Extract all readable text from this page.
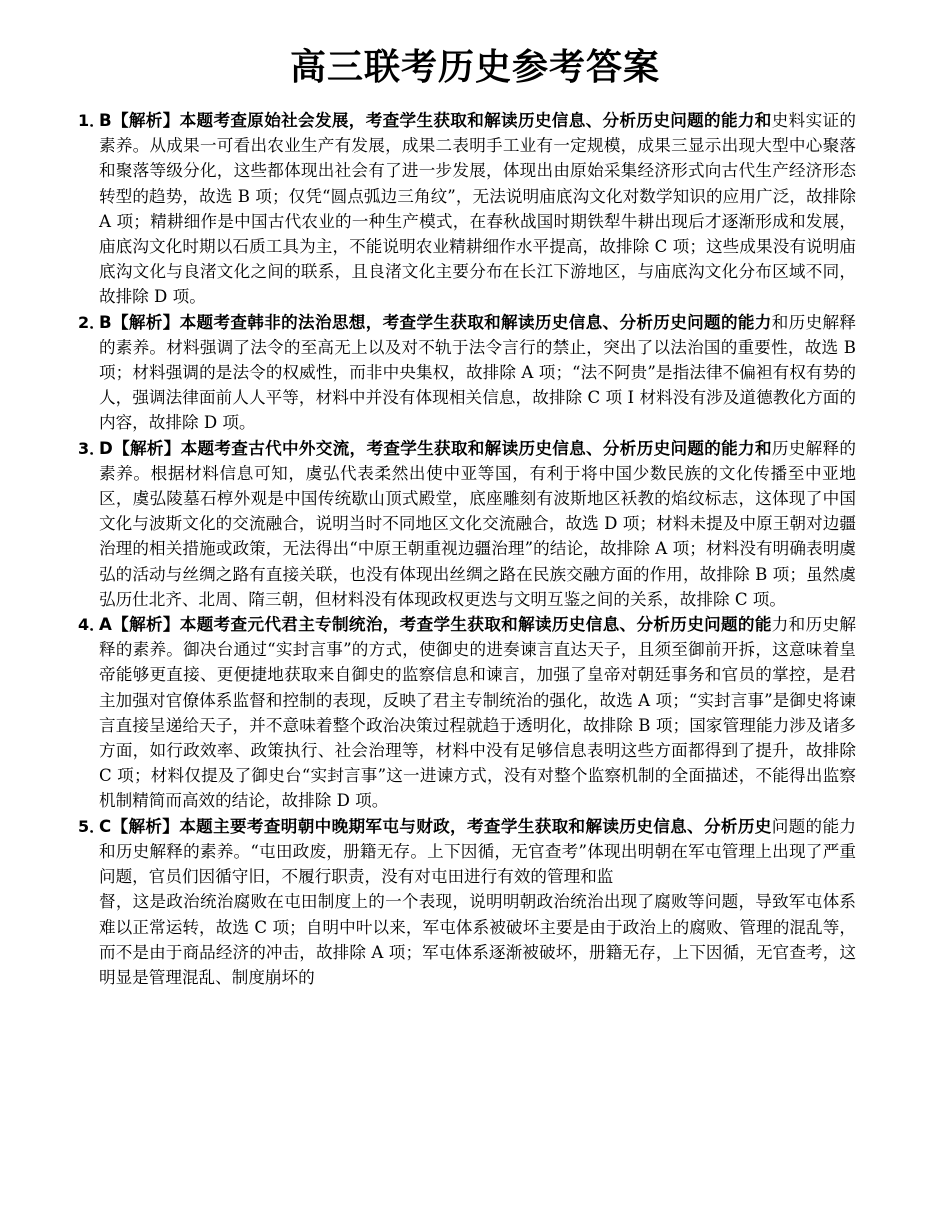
高三联考历史参考答案

1．
B【解析】本题考查原始社会发展，考查学生获取和解读历史信息、分析历史问题的能力和史料实证的素养。从成果一可看出农业生产有发展，成果二表明手工业有一定规模，成果三显示出现大型中心聚落和聚落等级分化，这些都体现出社会有了进一步发展，体现出由原始采集经济形式向古代生产经济形态转型的趋势，故选 B 项；仅凭“圆点弧边三角纹”，无法说明庙底沟文化对数学知识的应用广泛，故排除 A 项；精耕细作是中国古代农业的一种生产模式，在春秋战国时期铁犁牛耕出现后才逐渐形成和发展，庙底沟文化时期以石质工具为主，不能说明农业精耕细作水平提高，故排除 C 项；这些成果没有说明庙底沟文化与良渚文化之间的联系，且良渚文化主要分布在长江下游地区，与庙底沟文化分布区域不同，故排除 D 项。

2．
B【解析】本题考查韩非的法治思想，考查学生获取和解读历史信息、分析历史问题的能力和历史解释的素养。材料强调了法令的至高无上以及对不轨于法令言行的禁止，突出了以法治国的重要性，故选 B 项；材料强调的是法令的权威性，而非中央集权，故排除 A 项；“法不阿贵”是指法律不偏袒有权有势的人，强调法律面前人人平等，材料中并没有体现相关信息，故排除 C 项 I 材料没有涉及道德教化方面的内容，故排除 D 项。

3．
D【解析】本题考查古代中外交流，考查学生获取和解读历史信息、分析历史问题的能力和历史解释的素养。根据材料信息可知，虞弘代表柔然出使中亚等国，有利于将中国少数民族的文化传播至中亚地区，虞弘陵墓石椁外观是中国传统歇山顶式殿堂，底座雕刻有波斯地区袄教的焰纹标志，这体现了中国文化与波斯文化的交流融合，说明当时不同地区文化交流融合，故选 D 项；材料未提及中原王朝对边疆治理的相关措施或政策，无法得出“中原王朝重视边疆治理”的结论，故排除 A 项；材料没有明确表明虞弘的活动与丝绸之路有直接关联，也没有体现出丝绸之路在民族交融方面的作用，故排除 B 项；虽然虞弘历仕北齐、北周、隋三朝，但材料没有体现政权更迭与文明互鉴之间的关系，故排除 C 项。

4．
A【解析】本题考查元代君主专制统治，考查学生获取和解读历史信息、分析历史问题的能力和历史解释的素养。御决台通过“实封言事”的方式，使御史的进奏谏言直达天子，且须至御前开拆，这意味着皇帝能够更直接、更便捷地获取来自御史的监察信息和谏言，加强了皇帝对朝廷事务和官员的掌控，是君主加强对官僚体系监督和控制的表现，反映了君主专制统治的强化，故选 A 项；“实封言事”是御史将谏言直接呈递给天子，并不意味着整个政治决策过程就趋于透明化，故排除 B 项；国家管理能力涉及诸多方面，如行政效率、政策执行、社会治理等，材料中没有足够信息表明这些方面都得到了提升，故排除 C 项；材料仅提及了御史台“实封言事”这一进谏方式，没有对整个监察机制的全面描述，不能得出监察机制精简而高效的结论，故排除 D 项。

5．
C【解析】本题主要考查明朝中晚期军屯与财政，考查学生获取和解读历史信息、分析历史问题的能力和历史解释的素养。“屯田政废，册籍无存。上下因循，无官查考”体现出明朝在军屯管理上出现了严重问题，官员们因循守旧，不履行职责，没有对屯田进行有效的管理和监

督，这是政治统治腐败在屯田制度上的一个表现，说明明朝政治统治出现了腐败等问题，导致军屯体系难以正常运转，故选 C 项；自明中叶以来，军屯体系被破坏主要是由于政治上的腐败、管理的混乱等，而不是由于商品经济的冲击，故排除 A 项；军屯体系逐渐被破坏，册籍无存，上下因循，无官查考，这明显是管理混乱、制度崩坏的
